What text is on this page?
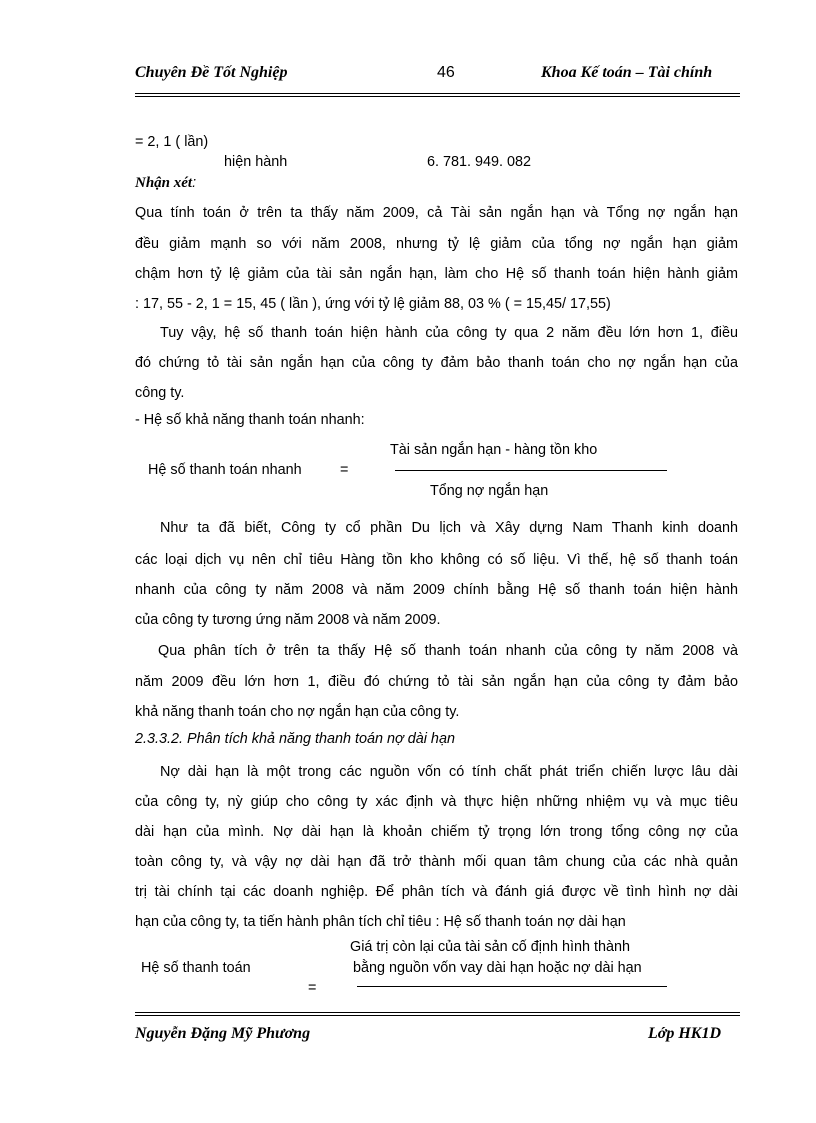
Chuyên Đề Tốt Nghiệp	46	Khoa Kế toán – Tài chính
= 2, 1 ( lần)
hiện hành	6. 781. 949. 082
Nhận xét:
Qua tính toán ở trên ta thấy năm 2009, cả Tài sản ngắn hạn và Tổng nợ ngắn hạn
đều giảm mạnh so với năm 2008, nhưng tỷ lệ giảm của tổng nợ ngắn hạn giảm
chậm hơn tỷ lệ giảm của tài sản ngắn hạn, làm cho Hệ số thanh toán hiện hành giảm
: 17, 55 - 2, 1 = 15, 45 ( lần ), ứng với tỷ lệ giảm 88, 03 % ( = 15,45/ 17,55)
Tuy vậy, hệ số thanh toán hiện hành của công ty qua 2 năm đều lớn hơn 1, điều
đó chứng tỏ tài sản ngắn hạn của công ty đảm bảo thanh toán cho nợ ngắn hạn của
công ty.
- Hệ số khả năng thanh toán nhanh:
Hệ số thanh toán nhanh	=
Tài sản ngắn hạn - hàng tồn kho
Tổng nợ ngắn hạn
Như ta đã biết, Công ty cổ phần Du lịch và Xây dựng Nam Thanh kinh doanh
các loại dịch vụ nên chỉ tiêu Hàng tồn kho không có số liệu. Vì thế, hệ số thanh toán
nhanh của công ty năm 2008 và năm 2009 chính bằng Hệ số thanh toán hiện hành
của công ty tương ứng năm 2008 và năm 2009.
Qua phân tích ở trên ta thấy Hệ số thanh toán nhanh của công ty năm 2008 và
năm 2009 đều lớn hơn 1, điều đó chứng tỏ tài sản ngắn hạn của công ty đảm bảo
khả năng thanh toán cho nợ ngắn hạn của công ty.
2.3.3.2. Phân tích khả năng thanh toán nợ dài hạn
Nợ dài hạn là một trong các nguồn vốn có tính chất phát triển chiến lược lâu dài
của công ty, nỳ giúp cho công ty xác định và thực hiện những nhiệm vụ và mục tiêu
dài hạn của mình. Nợ dài hạn là khoản chiếm tỷ trọng lớn trong tổng công nợ của
toàn công ty, và vậy nợ dài hạn đã trở thành mối quan tâm chung của các nhà quản
trị tài chính tại các doanh nghiệp. Để phân tích và đánh giá được về tình hình nợ dài
hạn của công ty, ta tiến hành phân tích chỉ tiêu : Hệ số thanh toán nợ dài hạn
Hệ số thanh toán
=
Giá trị còn lại của tài sản cố định hình thành
bằng nguồn vốn vay dài hạn hoặc nợ dài hạn
Nguyễn Đặng Mỹ Phương	Lớp HK1D
